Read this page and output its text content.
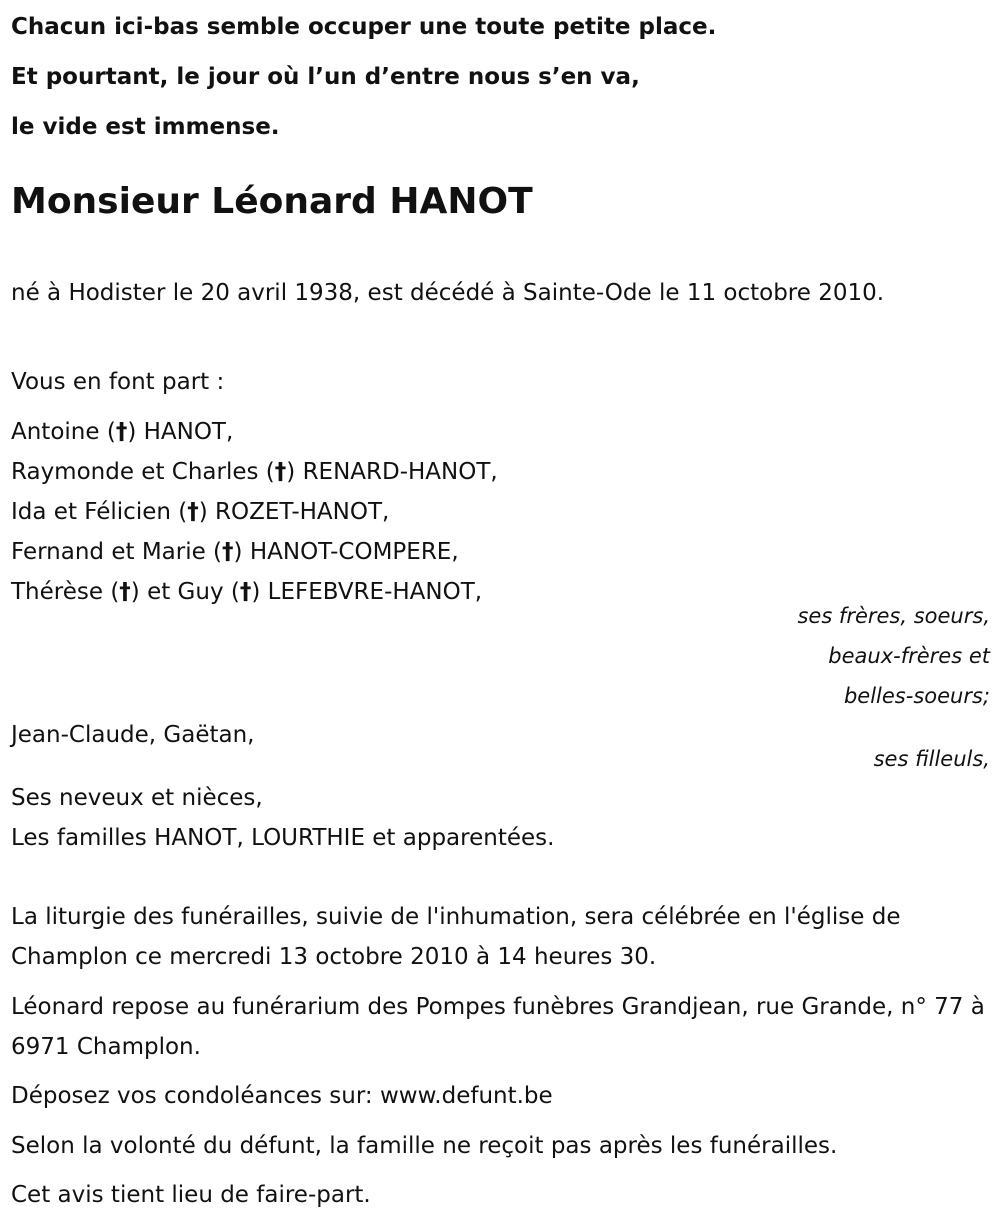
Chacun ici-bas semble occuper une toute petite place.

Et pourtant, le jour où l’un d’entre nous s’en va,

le vide est immense.

Monsieur Léonard HANOT

né à Hodister le 20 avril 1938, est décédé à Sainte-Ode le 11 octobre 2010.

Vous en font part :

Antoine (†) HANOT,

Raymonde et Charles (†) RENARD-HANOT,

Ida et Félicien (†) ROZET-HANOT,

Fernand et Marie (†) HANOT-COMPERE,

Thérèse (†) et Guy (†) LEFEBVRE-HANOT,

ses frères, soeurs,

beaux-frères et

belles-soeurs;

Jean-Claude, Gaëtan,

ses filleuls,

Ses neveux et nièces,

Les familles HANOT, LOURTHIE et apparentées.

La liturgie des funérailles, suivie de l'inhumation, sera célébrée en l'église de Champlon ce mercredi 13 octobre 2010 à 14 heures 30.

Léonard repose au funérarium des Pompes funèbres Grandjean, rue Grande, n° 77 à 6971 Champlon.

Déposez vos condoléances sur: www.defunt.be

Selon la volonté du défunt, la famille ne reçoit pas après les funérailles.

Cet avis tient lieu de faire-part.
